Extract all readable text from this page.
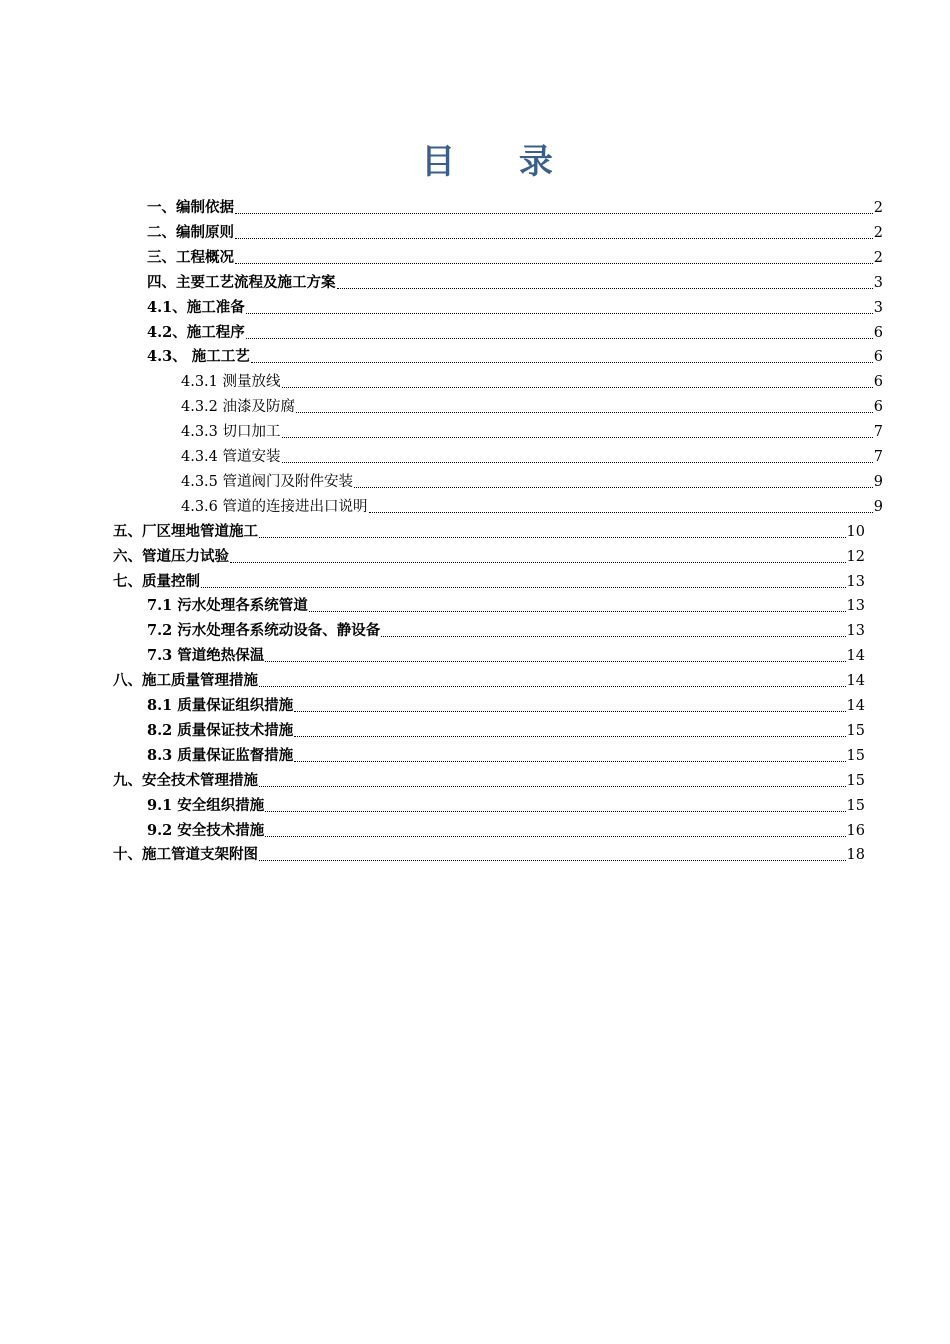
目 录
一、编制依据	2
二、编制原则	2
三、工程概况	2
四、主要工艺流程及施工方案	3
4.1、施工准备	3
4.2、施工程序	6
4.3、 施工工艺	6
4.3.1 测量放线	6
4.3.2 油漆及防腐	6
4.3.3 切口加工	7
4.3.4 管道安装	7
4.3.5 管道阀门及附件安装	9
4.3.6 管道的连接进出口说明	9
五、厂区埋地管道施工	10
六、管道压力试验	12
七、质量控制	13
7.1 污水处理各系统管道	13
7.2 污水处理各系统动设备、静设备	13
7.3 管道绝热保温	14
八、施工质量管理措施	14
8.1 质量保证组织措施	14
8.2 质量保证技术措施	15
8.3 质量保证监督措施	15
九、安全技术管理措施	15
9.1 安全组织措施	15
9.2 安全技术措施	16
十、施工管道支架附图	18
